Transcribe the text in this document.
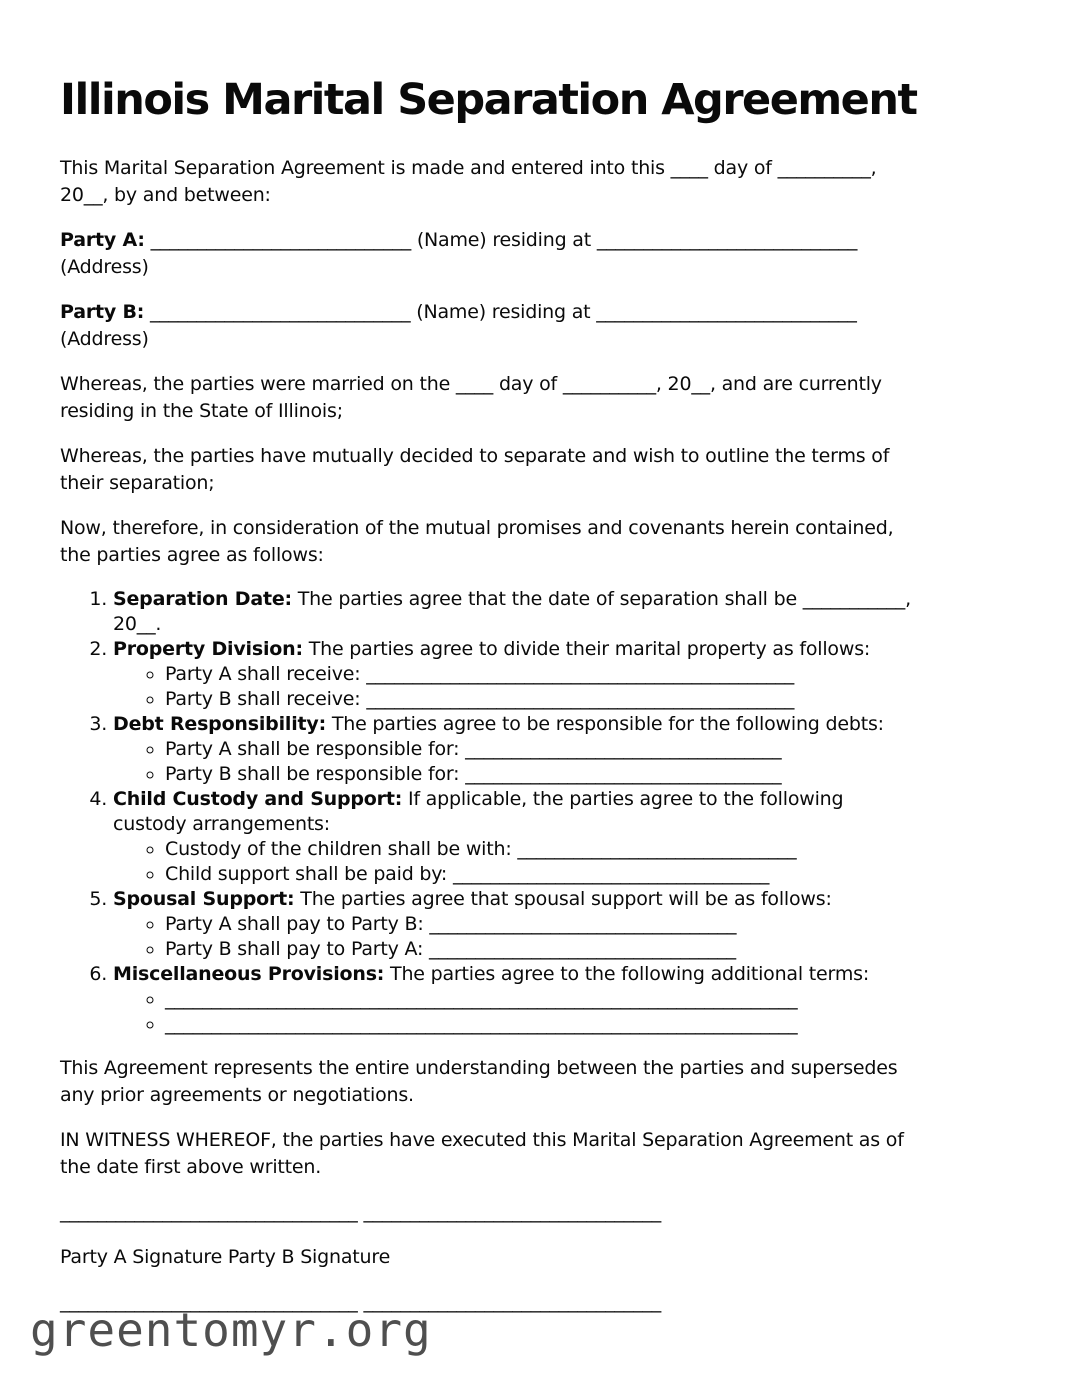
Illinois Marital Separation Agreement

This Marital Separation Agreement is made and entered into this ____ day of __________,
20__, by and between:

Party A: ____________________________ (Name) residing at ____________________________
(Address)

Party B: ____________________________ (Name) residing at ____________________________
(Address)

Whereas, the parties were married on the ____ day of __________, 20__, and are currently
residing in the State of Illinois;

Whereas, the parties have mutually decided to separate and wish to outline the terms of
their separation;

Now, therefore, in consideration of the mutual promises and covenants herein contained,
the parties agree as follows:

1. Separation Date: The parties agree that the date of separation shall be ___________,
20__.
2. Property Division: The parties agree to divide their marital property as follows:
◦ Party A shall receive: ______________________________________________
◦ Party B shall receive: ______________________________________________
3. Debt Responsibility: The parties agree to be responsible for the following debts:
◦ Party A shall be responsible for: __________________________________
◦ Party B shall be responsible for: __________________________________
4. Child Custody and Support: If applicable, the parties agree to the following
custody arrangements:
◦ Custody of the children shall be with: ______________________________
◦ Child support shall be paid by: __________________________________
5. Spousal Support: The parties agree that spousal support will be as follows:
◦ Party A shall pay to Party B: _________________________________
◦ Party B shall pay to Party A: _________________________________
6. Miscellaneous Provisions: The parties agree to the following additional terms:
◦ ____________________________________________________________________
◦ ____________________________________________________________________

This Agreement represents the entire understanding between the parties and supersedes
any prior agreements or negotiations.

IN WITNESS WHEREOF, the parties have executed this Marital Separation Agreement as of
the date first above written.

________________________________ ________________________________

Party A Signature Party B Signature

________________________________ ________________________________

greentomyr.org
